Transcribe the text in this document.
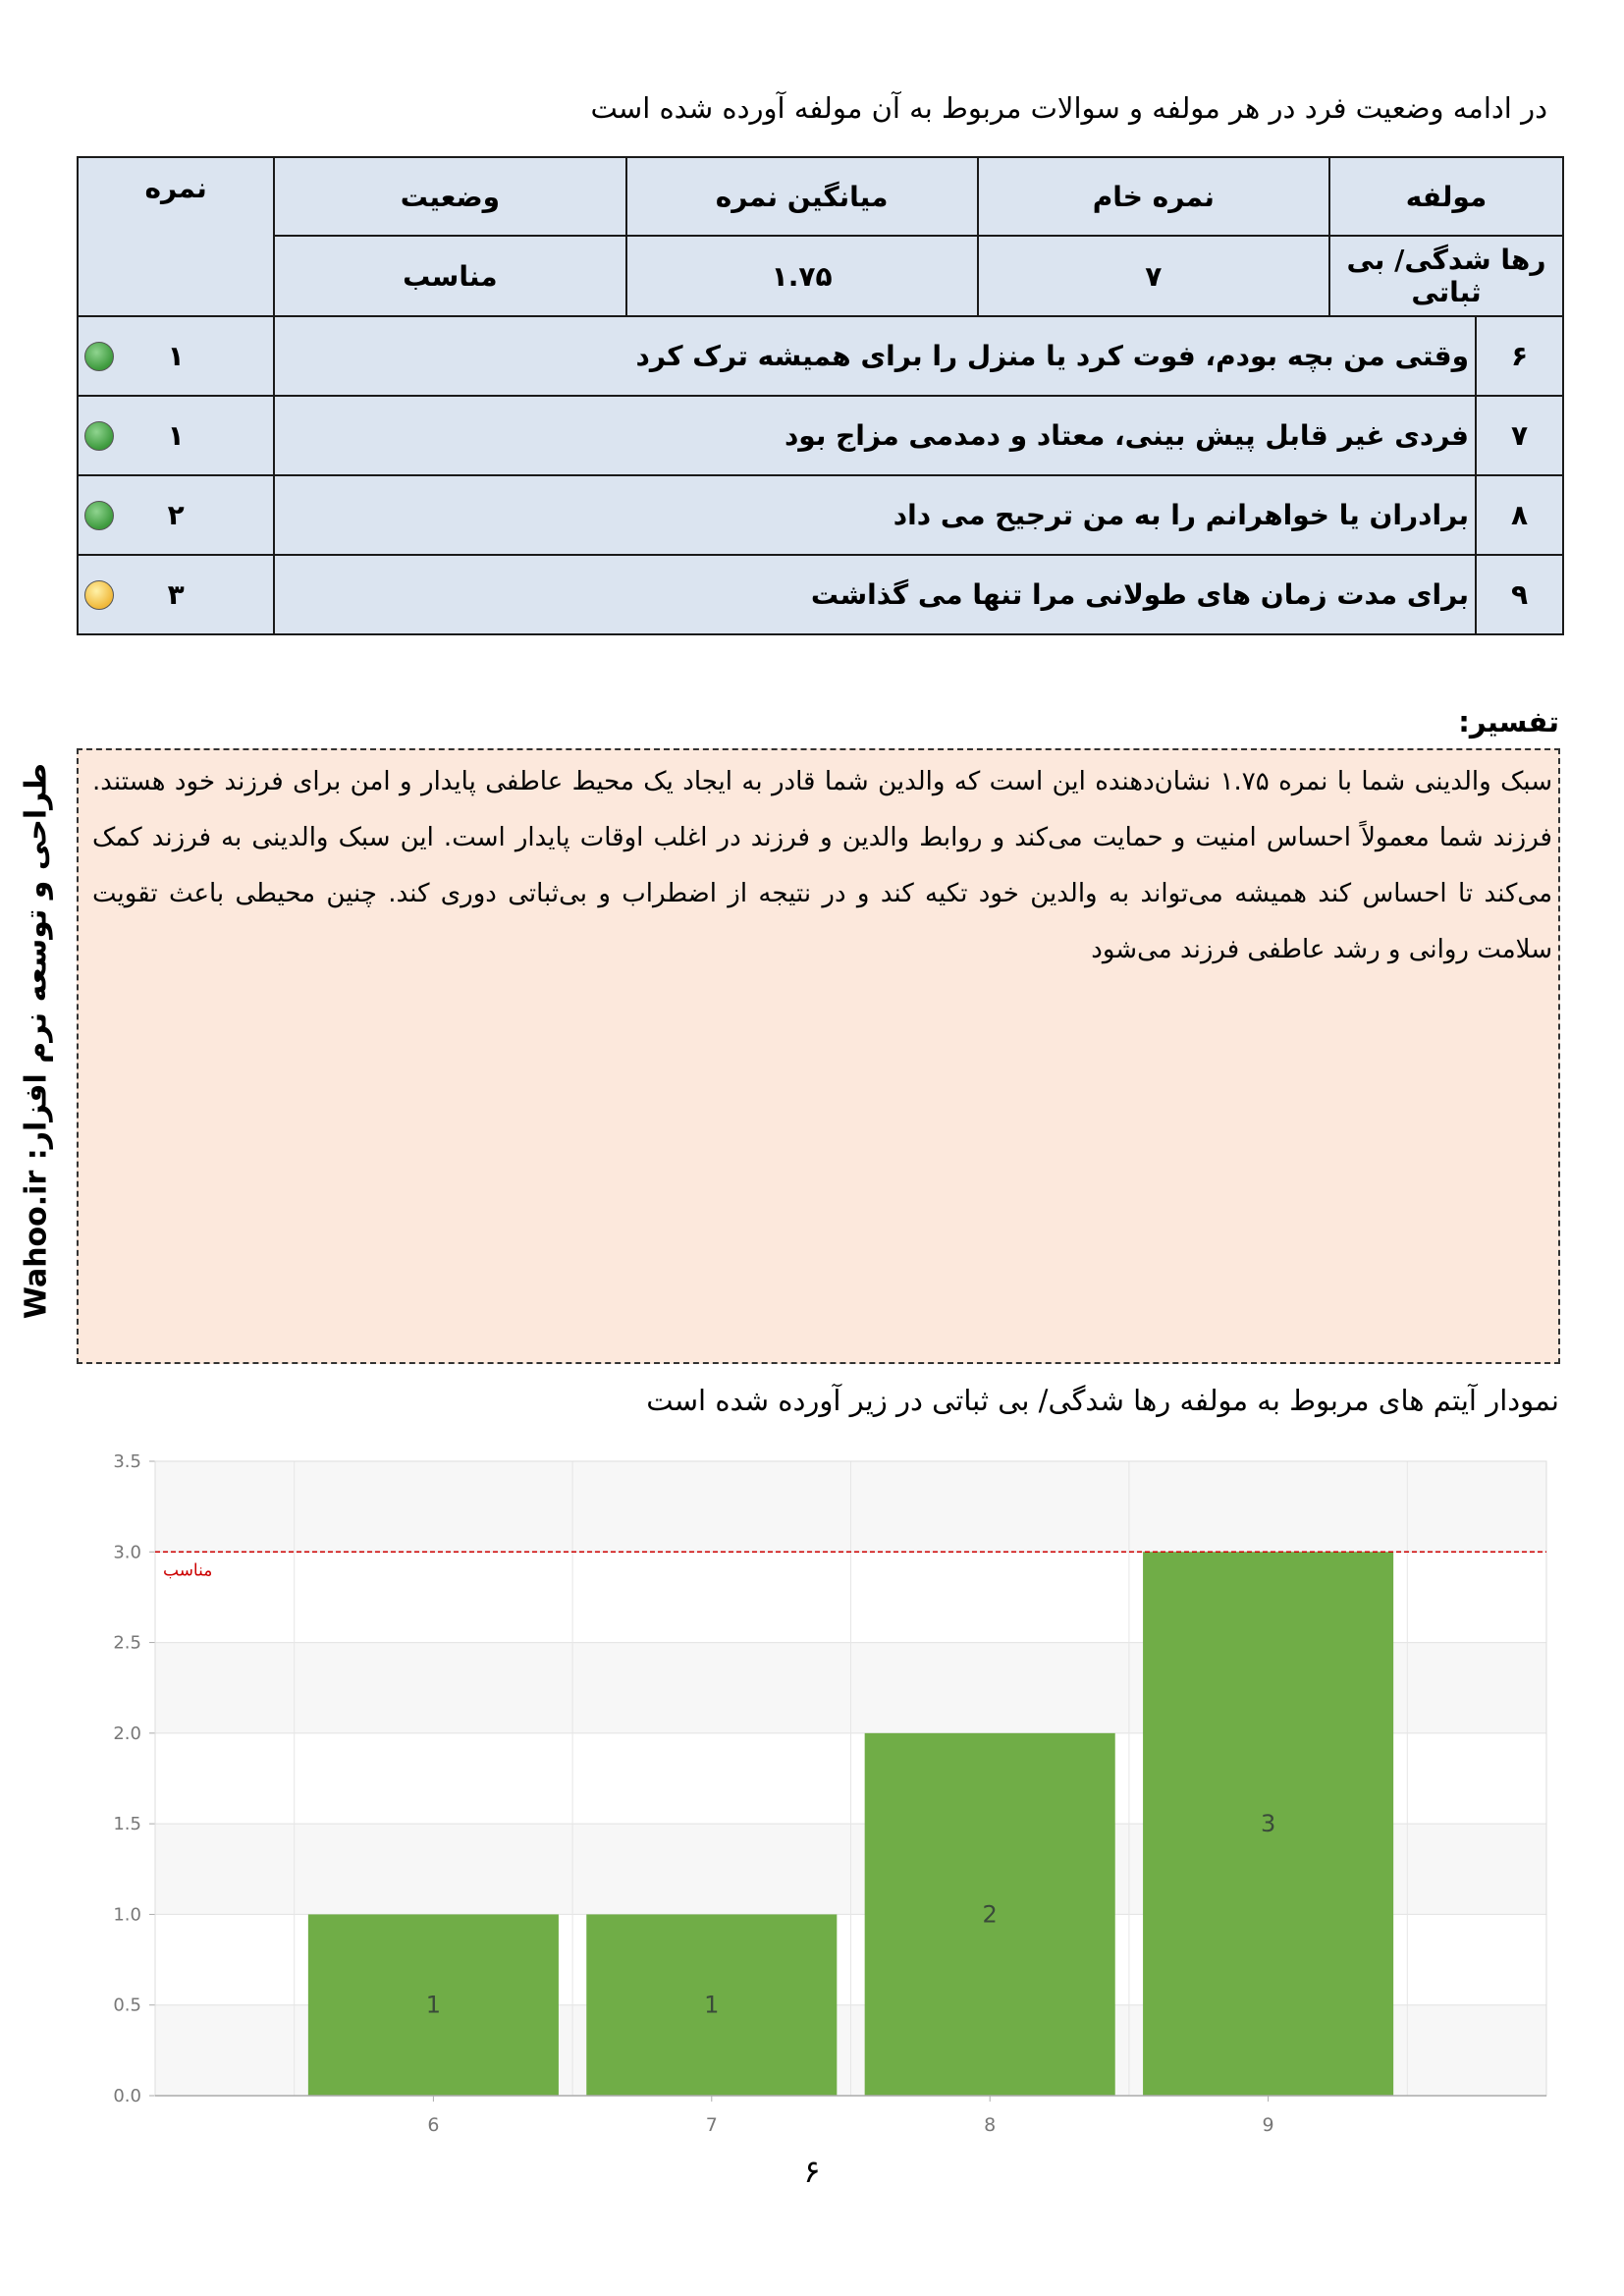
در ادامه وضعیت فرد در هر مولفه و سوالات مربوط به آن مولفه آورده شده است
مولفه		نمره خام	میانگین نمره	وضعیت	نمره
رها شدگی/ بی ثباتی		۷	۱.۷۵	مناسب	
۶	وقتی من بچه بودم، فوت کرد یا منزل را برای همیشه ترک کرد				۱

۷	فردی غیر قابل پیش بینی، معتاد و دمدمی مزاج بود				۱

۸	برادران یا خواهرانم را به من ترجیح می داد				۲

۹	برای مدت زمان های طولانی مرا تنها می گذاشت				۳
تفسیر:
سبک والدینی شما با نمره ۱.۷۵ نشان‌دهنده این است که والدین شما قادر به ایجاد یک محیط عاطفی پایدار و امن برای فرزند خود هستند. فرزند شما معمولاً احساس امنیت و حمایت می‌کند و روابط والدین و فرزند در اغلب اوقات پایدار است. این سبک والدینی به فرزند کمک می‌کند تا احساس کند همیشه می‌تواند به والدین خود تکیه کند و در نتیجه از اضطراب و بی‌ثباتی دوری کند. چنین محیطی باعث تقویت سلامت روانی و رشد عاطفی فرزند می‌شود
طراحی و توسعه نرم افزار: Wahoo.ir
نمودار آیتم های مربوط به مولفه رها شدگی/ بی ثباتی در زیر آورده شده است
0.0
0.5
1.0
1.5
2.0
2.5
3.0
3.5
1	1
2
3
6	7	8	9
مناسب
۶
